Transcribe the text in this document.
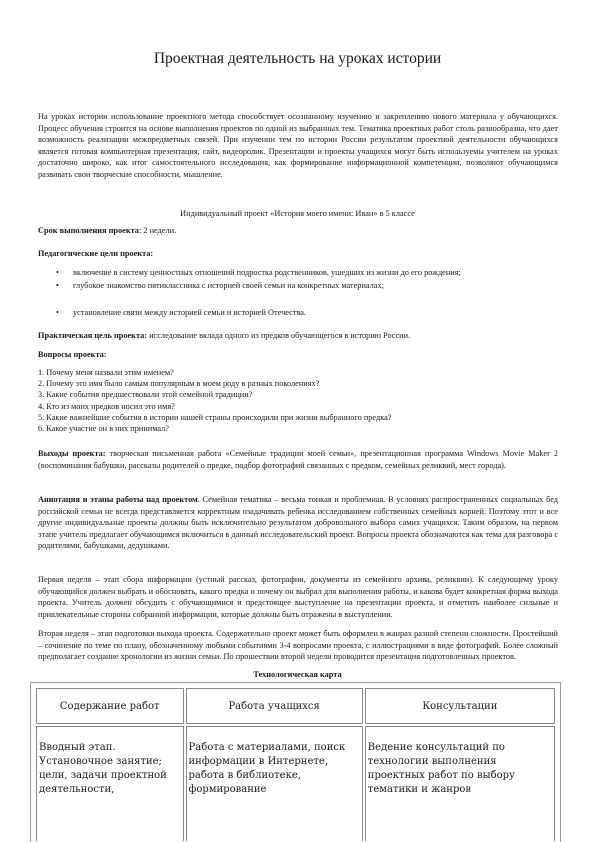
Проектная деятельность на уроках истории

На уроках истории использование проектного метода способствует осознанному изучению и закреплению нового материала у обучающихся. Процесс обучения строится на основе выполнения проектов по одной из выбранных тем. Тематика проектных работ столь разнообразна, что дает возможность реализации межпредметных связей. При изучении тем по истории России результатом проектной деятельности обучающихся является готовая компьютерная презентация, сайт, видеоролик. Презентации и проекты учащихся могут быть используемы учителем на уроках достаточно широко, как итог самостоятельного исследования, как формирование информационной компетенции, позволяют обучающимся развивать свои творческие способности, мышление.

Индивидуальный проект «История моего имени: Иван» в 5 классе

Срок выполнения проекта: 2 недели.

Педагогические цели проекта:

• включение в систему ценностных отношений подростка родственников, ушедших из жизни до его рождения;
• глубокое знакомство пятиклассника с историей своей семьи на конкретных материалах;
• установление связи между историей семьи и историей Отечества.

Практическая цель проекта: исследование вклада одного из предков обучающегося в историю России.

Вопросы проекта:

1. Почему меня назвали этим именем?
2. Почему это имя было самым популярным в моем роду в разных поколениях?
3. Какие события предшествовали этой семейной традиции?
4. Кто из моих предков носил это имя?
5. Какие важнейшие события в истории нашей страны происходили при жизни выбранного предка?
6. Какое участие он в них принимал?

Выходы проекта: творческая письменная работа «Семейные традиции моей семьи», презентационная программа Windows Movie Maker 2 (воспоминания бабушки, рассказы родителей о предке, подбор фотографий связанных с предком, семейных реликвий, мест города).

Аннотация и этапы работы над проектом. Семейная тематика – весьма тонкая и проблемная. В условиях распространенных социальных бед российской семьи не всегда представляется корректным озадачивать ребенка исследованием собственных семейных корней. Поэтому этот и все другие индивидуальные проекты должны быть исключительно результатом добровольного выбора самих учащихся. Таким образом, на первом этапе учитель предлагает обучающимся включиться в данный исследовательский проект. Вопросы проекта обозначаются как тема для разговора с родителями, бабушками, дедушками.

Первая неделя – этап сбора информации (устный рассказ, фотографии, документы из семейного архива, реликвии). К следующему уроку обучающийся должен выбрать и обосновать, какого предка и почему он выбрал для выполнения работы, и какова будет конкретная форма выхода проекта. Учитель должен обсудить с обучающимися и предстоящее выступление на презентации проекта, и отметить наиболее сильные и привлекательные стороны собранной информации, которые должны быть отражены в выступлении.

Вторая неделя – этап подготовки выхода проекта. Содержательно проект может быть оформлен в жанрах разной степени сложности. Простейший – сочинение по теме по плану, обозначенному любыми событиями 3-4 вопросами проекта, с иллюстрациями в виде фотографий. Более сложный предполагает создание хронологии из жизни семьи. По прошествии второй недели проводится презентация подготовленных проектов.

Технологическая карта

Содержание работ	Работа учащихся	Консультации
Вводный этап. Установочное занятие; цели, задачи проектной деятельности,	Работа с материалами, поиск информации в Интернете, работа в библиотеке, формирование	Ведение консультаций по технологии выполнения проектных работ по выбору тематики и жанров
